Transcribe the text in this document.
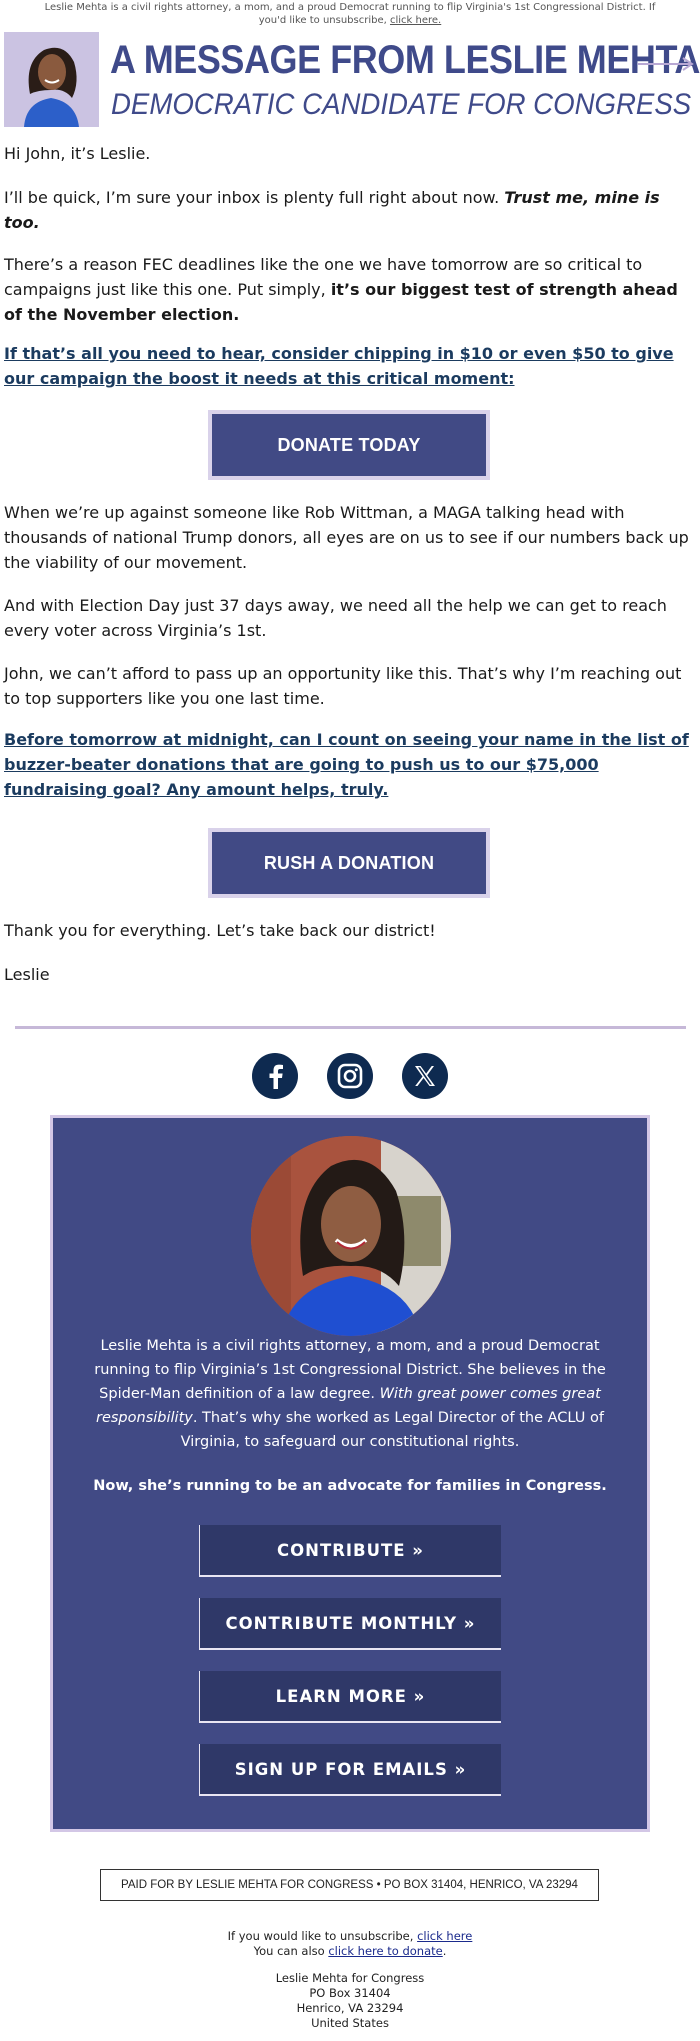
Leslie Mehta is a civil rights attorney, a mom, and a proud Democrat running to flip Virginia's 1st Congressional District. If you'd like to unsubscribe, click here.
A MESSAGE FROM LESLIE MEHTA
DEMOCRATIC CANDIDATE FOR CONGRESS

Hi John, it’s Leslie.

I’ll be quick, I’m sure your inbox is plenty full right about now. Trust me, mine is too.

There’s a reason FEC deadlines like the one we have tomorrow are so critical to campaigns just like this one. Put simply, it’s our biggest test of strength ahead of the November election.

If that’s all you need to hear, consider chipping in $10 or even $50 to give our campaign the boost it needs at this critical moment:

DONATE TODAY

When we’re up against someone like Rob Wittman, a MAGA talking head with thousands of national Trump donors, all eyes are on us to see if our numbers back up the viability of our movement.

And with Election Day just 37 days away, we need all the help we can get to reach every voter across Virginia’s 1st.

John, we can’t afford to pass up an opportunity like this. That’s why I’m reaching out to top supporters like you one last time.

Before tomorrow at midnight, can I count on seeing your name in the list of buzzer-beater donations that are going to push us to our $75,000 fundraising goal? Any amount helps, truly.

RUSH A DONATION

Thank you for everything. Let’s take back our district!

Leslie

Leslie Mehta is a civil rights attorney, a mom, and a proud Democrat running to flip Virginia’s 1st Congressional District. She believes in the Spider-Man definition of a law degree. With great power comes great responsibility. That’s why she worked as Legal Director of the ACLU of Virginia, to safeguard our constitutional rights.
Now, she’s running to be an advocate for families in Congress.
CONTRIBUTE »
CONTRIBUTE MONTHLY »
LEARN MORE »
SIGN UP FOR EMAILS »
PAID FOR BY LESLIE MEHTA FOR CONGRESS • PO BOX 31404, HENRICO, VA 23294
If you would like to unsubscribe, click here
You can also click here to donate.
Leslie Mehta for Congress
PO Box 31404
Henrico, VA 23294
United States
